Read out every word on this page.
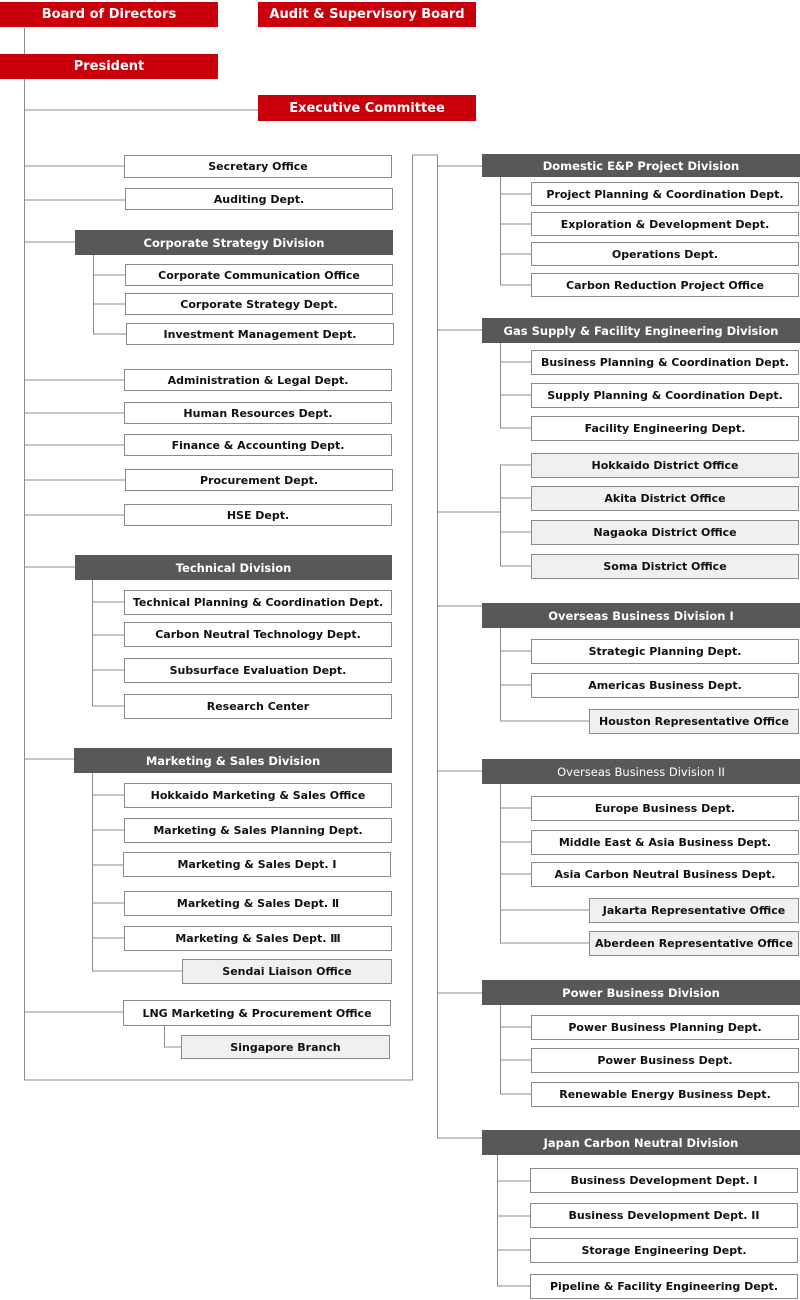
Board of Directors	Audit & Supervisory Board
President
Executive Committee
Secretary Office
Auditing Dept.
Corporate Strategy Division
Corporate Communication Office
Corporate Strategy Dept.
Investment Management Dept.
Administration & Legal Dept.
Human Resources Dept.
Finance & Accounting Dept.
Procurement Dept.
HSE Dept.
Technical Division
Technical Planning & Coordination Dept.
Carbon Neutral Technology Dept.
Subsurface Evaluation Dept.
Research Center
Marketing & Sales Division
Hokkaido Marketing & Sales Office
Marketing & Sales Planning Dept.
Marketing & Sales Dept. Ⅰ
Marketing & Sales Dept. Ⅱ
Marketing & Sales Dept. Ⅲ
Sendai Liaison Office
LNG Marketing & Procurement Office
Singapore Branch
Domestic E&P Project Division
Project Planning & Coordination Dept.
Exploration & Development Dept.
Operations Dept.
Carbon Reduction Project Office
Gas Supply & Facility Engineering Division
Business Planning & Coordination Dept.
Supply Planning & Coordination Dept.
Facility Engineering Dept.
Hokkaido District Office
Akita District Office
Nagaoka District Office
Soma District Office
Overseas Business Division I
Strategic Planning Dept.
Americas Business Dept.
Houston Representative Office
Overseas Business Division II
Europe Business Dept.
Middle East & Asia Business Dept.
Asia Carbon Neutral Business Dept.
Jakarta Representative Office
Aberdeen Representative Office
Power Business Division
Power Business Planning Dept.
Power Business Dept.
Renewable Energy Business Dept.
Japan Carbon Neutral Division
Business Development Dept. I
Business Development Dept. II
Storage Engineering Dept.
Pipeline & Facility Engineering Dept.
